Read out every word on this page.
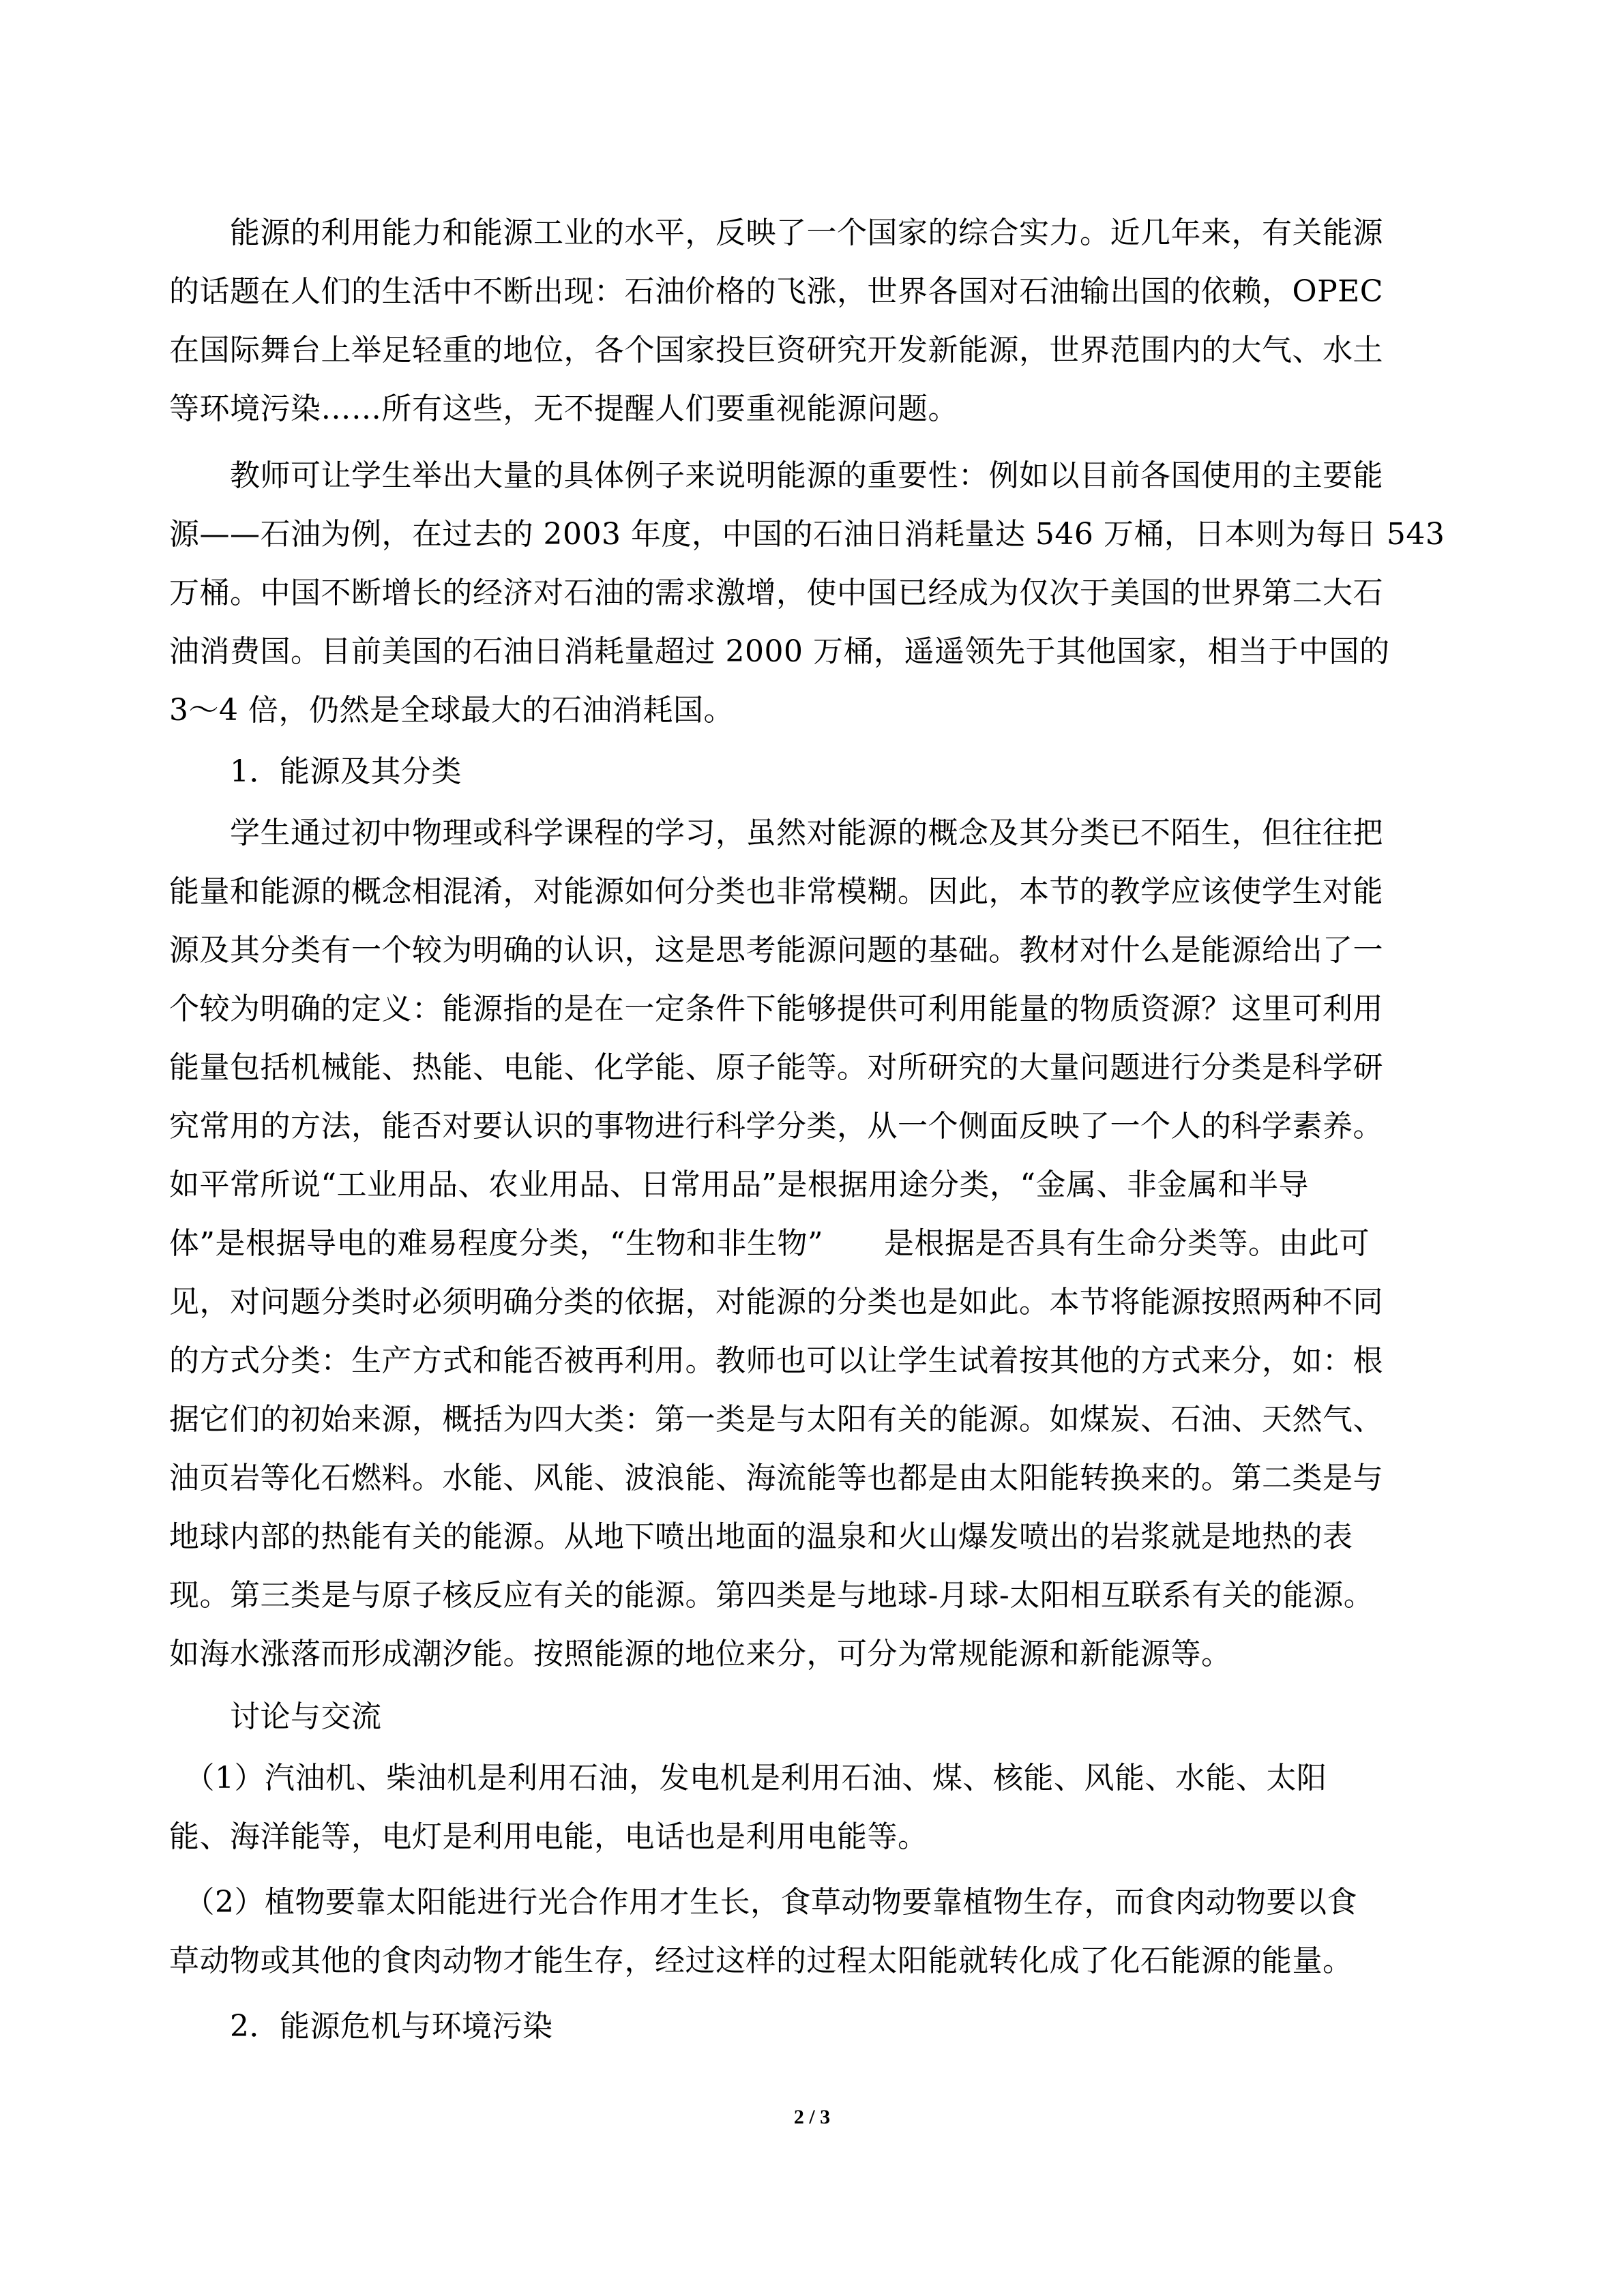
　　能源的利用能力和能源工业的水平，反映了一个国家的综合实力。近几年来，有关能源
的话题在人们的生活中不断出现：石油价格的飞涨，世界各国对石油输出国的依赖，OPEC
在国际舞台上举足轻重的地位，各个国家投巨资研究开发新能源，世界范围内的大气、水土
等环境污染……所有这些，无不提醒人们要重视能源问题。
　　教师可让学生举出大量的具体例子来说明能源的重要性：例如以目前各国使用的主要能
源——石油为例，在过去的 2003 年度，中国的石油日消耗量达 546 万桶，日本则为每日 543
万桶。中国不断增长的经济对石油的需求激增，使中国已经成为仅次于美国的世界第二大石
油消费国。目前美国的石油日消耗量超过 2000 万桶，遥遥领先于其他国家，相当于中国的
3～4 倍，仍然是全球最大的石油消耗国。
　　1．能源及其分类
　　学生通过初中物理或科学课程的学习，虽然对能源的概念及其分类已不陌生，但往往把
能量和能源的概念相混淆，对能源如何分类也非常模糊。因此，本节的教学应该使学生对能
源及其分类有一个较为明确的认识，这是思考能源问题的基础。教材对什么是能源给出了一
个较为明确的定义：能源指的是在一定条件下能够提供可利用能量的物质资源？这里可利用
能量包括机械能、热能、电能、化学能、原子能等。对所研究的大量问题进行分类是科学研
究常用的方法，能否对要认识的事物进行科学分类，从一个侧面反映了一个人的科学素养。
如平常所说“工业用品、农业用品、日常用品”是根据用途分类，“金属、非金属和半导
体”是根据导电的难易程度分类，“生物和非生物”　　是根据是否具有生命分类等。由此可
见，对问题分类时必须明确分类的依据，对能源的分类也是如此。本节将能源按照两种不同
的方式分类：生产方式和能否被再利用。教师也可以让学生试着按其他的方式来分，如：根
据它们的初始来源，概括为四大类：第一类是与太阳有关的能源。如煤炭、石油、天然气、
油页岩等化石燃料。水能、风能、波浪能、海流能等也都是由太阳能转换来的。第二类是与
地球内部的热能有关的能源。从地下喷出地面的温泉和火山爆发喷出的岩浆就是地热的表
现。第三类是与原子核反应有关的能源。第四类是与地球-月球-太阳相互联系有关的能源。
如海水涨落而形成潮汐能。按照能源的地位来分，可分为常规能源和新能源等。
　　讨论与交流
　（1）汽油机、柴油机是利用石油，发电机是利用石油、煤、核能、风能、水能、太阳
能、海洋能等，电灯是利用电能，电话也是利用电能等。
　（2）植物要靠太阳能进行光合作用才生长，食草动物要靠植物生存，而食肉动物要以食
草动物或其他的食肉动物才能生存，经过这样的过程太阳能就转化成了化石能源的能量。
　　2．能源危机与环境污染
2 / 3
